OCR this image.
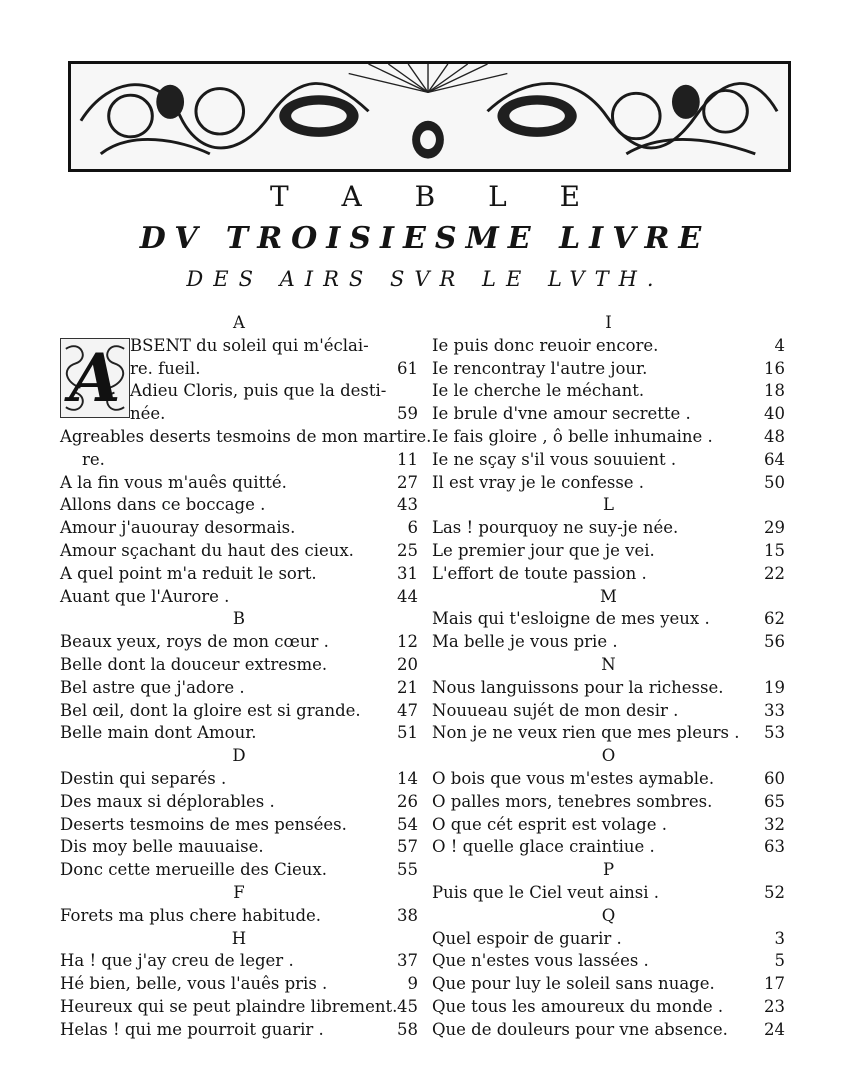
T A B L E
DV TROISIESME LIVRE
DES AIRS SVR LE LVTH.
A
BSENT du soleil qui m'éclai-
re. fueil.	61
Adieu Cloris, puis que la desti-
née.	59
Agreables deserts tesmoins de mon martire.
re.	11
A la fin vous m'auês quitté.	27
Allons dans ce boccage .	43
Amour j'auouray desormais.	6
Amour sçachant du haut des cieux.	25
A quel point m'a reduit le sort.	31
Auant que l'Aurore .	44
B
Beaux yeux, roys de mon cœur .	12
Belle dont la douceur extresme.	20
Bel astre que j'adore .	21
Bel œil, dont la gloire est si grande. 47
Belle main dont Amour.	51
D
Destin qui separés .	14
Des maux si déplorables .	26
Deserts tesmoins de mes pensées.	54
Dis moy belle mauuaise.	57
Donc cette merueille des Cieux.	55
F
Forets ma plus chere habitude.	38
H
Ha ! que j'ay creu de leger .	37
Hé bien, belle, vous l'auês pris .	9
Heureux qui se peut plaindre librement. 45
Helas ! qui me pourroit guarir .	58
I
Ie puis donc reuoir encore.	4
Ie rencontray l'autre jour.	16
Ie le cherche le méchant.	18
Ie brule d'vne amour secrette .	40
Ie fais gloire , ô belle inhumaine .	48
Ie ne sçay s'il vous souuient .	64
Il est vray je le confesse .	50
L
Las ! pourquoy ne suy-je née.	29
Le premier jour que je vei.	15
L'effort de toute passion .	22
M
Mais qui t'esloigne de mes yeux .	62
Ma belle je vous prie .	56
N
Nous languissons pour la richesse. 19
Nouueau sujét de mon desir .	33
Non je ne veux rien que mes pleurs . 53
O
O bois que vous m'estes aymable.	60
O palles mors, tenebres sombres.	65
O que cét esprit est volage .	32
O ! quelle glace craintiue .	63
P
Puis que le Ciel veut ainsi .	52
Q
Quel espoir de guarir .	3
Que n'estes vous lassées .	5
Que pour luy le soleil sans nuage.	17
Que tous les amoureux du monde . 23
Que de douleurs pour vne absence. 24
A
